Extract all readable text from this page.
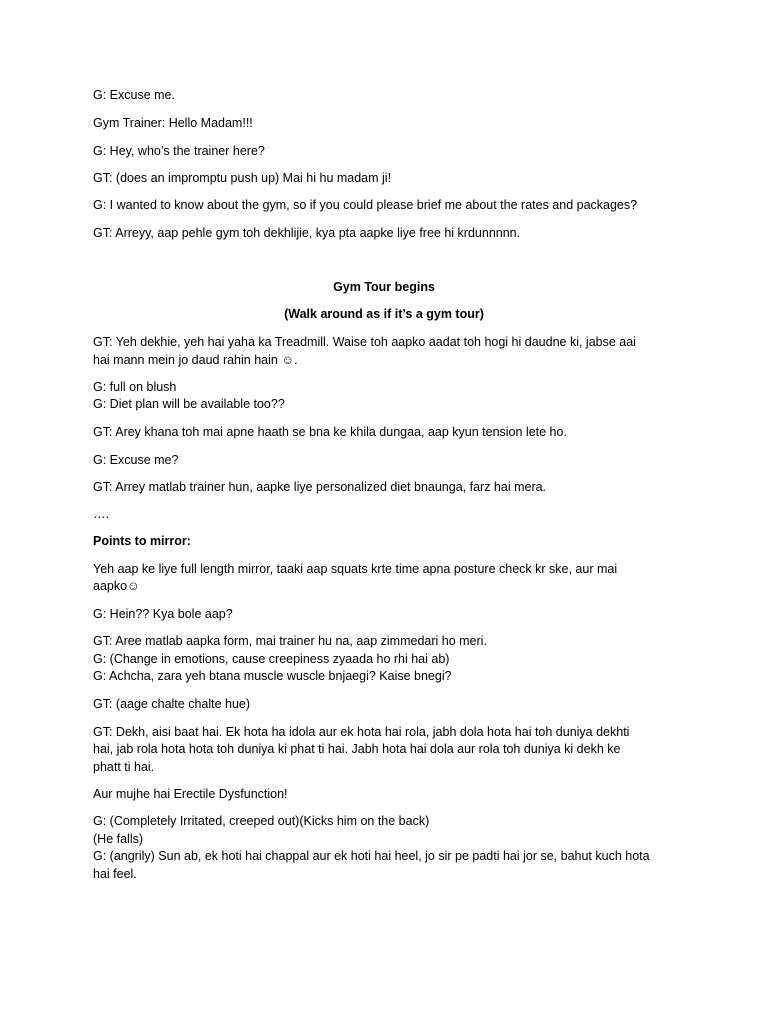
G: Excuse me.

Gym Trainer: Hello Madam!!!

G: Hey, who’s the trainer here?

GT: (does an impromptu push up) Mai hi hu madam ji!

G: I wanted to know about the gym, so if you could please brief me about the rates and packages?

GT: Arreyy, aap pehle gym toh dekhlijie, kya pta aapke liye free hi krdunnnnn.

Gym Tour begins

(Walk around as if it’s a gym tour)

GT: Yeh dekhie, yeh hai yaha ka Treadmill. Waise toh aapko aadat toh hogi hi daudne ki, jabse aai

hai mann mein jo daud rahin hain ☺.

G: full on blush

G: Diet plan will be available too??

GT: Arey khana toh mai apne haath se bna ke khila dungaa, aap kyun tension lete ho.

G: Excuse me?

GT: Arrey matlab trainer hun, aapke liye personalized diet bnaunga, farz hai mera.

….

Points to mirror:

Yeh aap ke liye full length mirror, taaki aap squats krte time apna posture check kr ske, aur mai

aapko☺

G: Hein?? Kya bole aap?

GT: Aree matlab aapka form, mai trainer hu na, aap zimmedari ho meri.

G: (Change in emotions, cause creepiness zyaada ho rhi hai ab)

G: Achcha, zara yeh btana muscle wuscle bnjaegi? Kaise bnegi?

GT: (aage chalte chalte hue)

GT: Dekh, aisi baat hai. Ek hota ha idola aur ek hota hai rola, jabh dola hota hai toh duniya dekhti

hai, jab rola hota hota toh duniya ki phat ti hai. Jabh hota hai dola aur rola toh duniya ki dekh ke

phatt ti hai.

Aur mujhe hai Erectile Dysfunction!

G: (Completely Irritated, creeped out)(Kicks him on the back)

(He falls)

G: (angrily) Sun ab, ek hoti hai chappal aur ek hoti hai heel, jo sir pe padti hai jor se, bahut kuch hota

hai feel.
